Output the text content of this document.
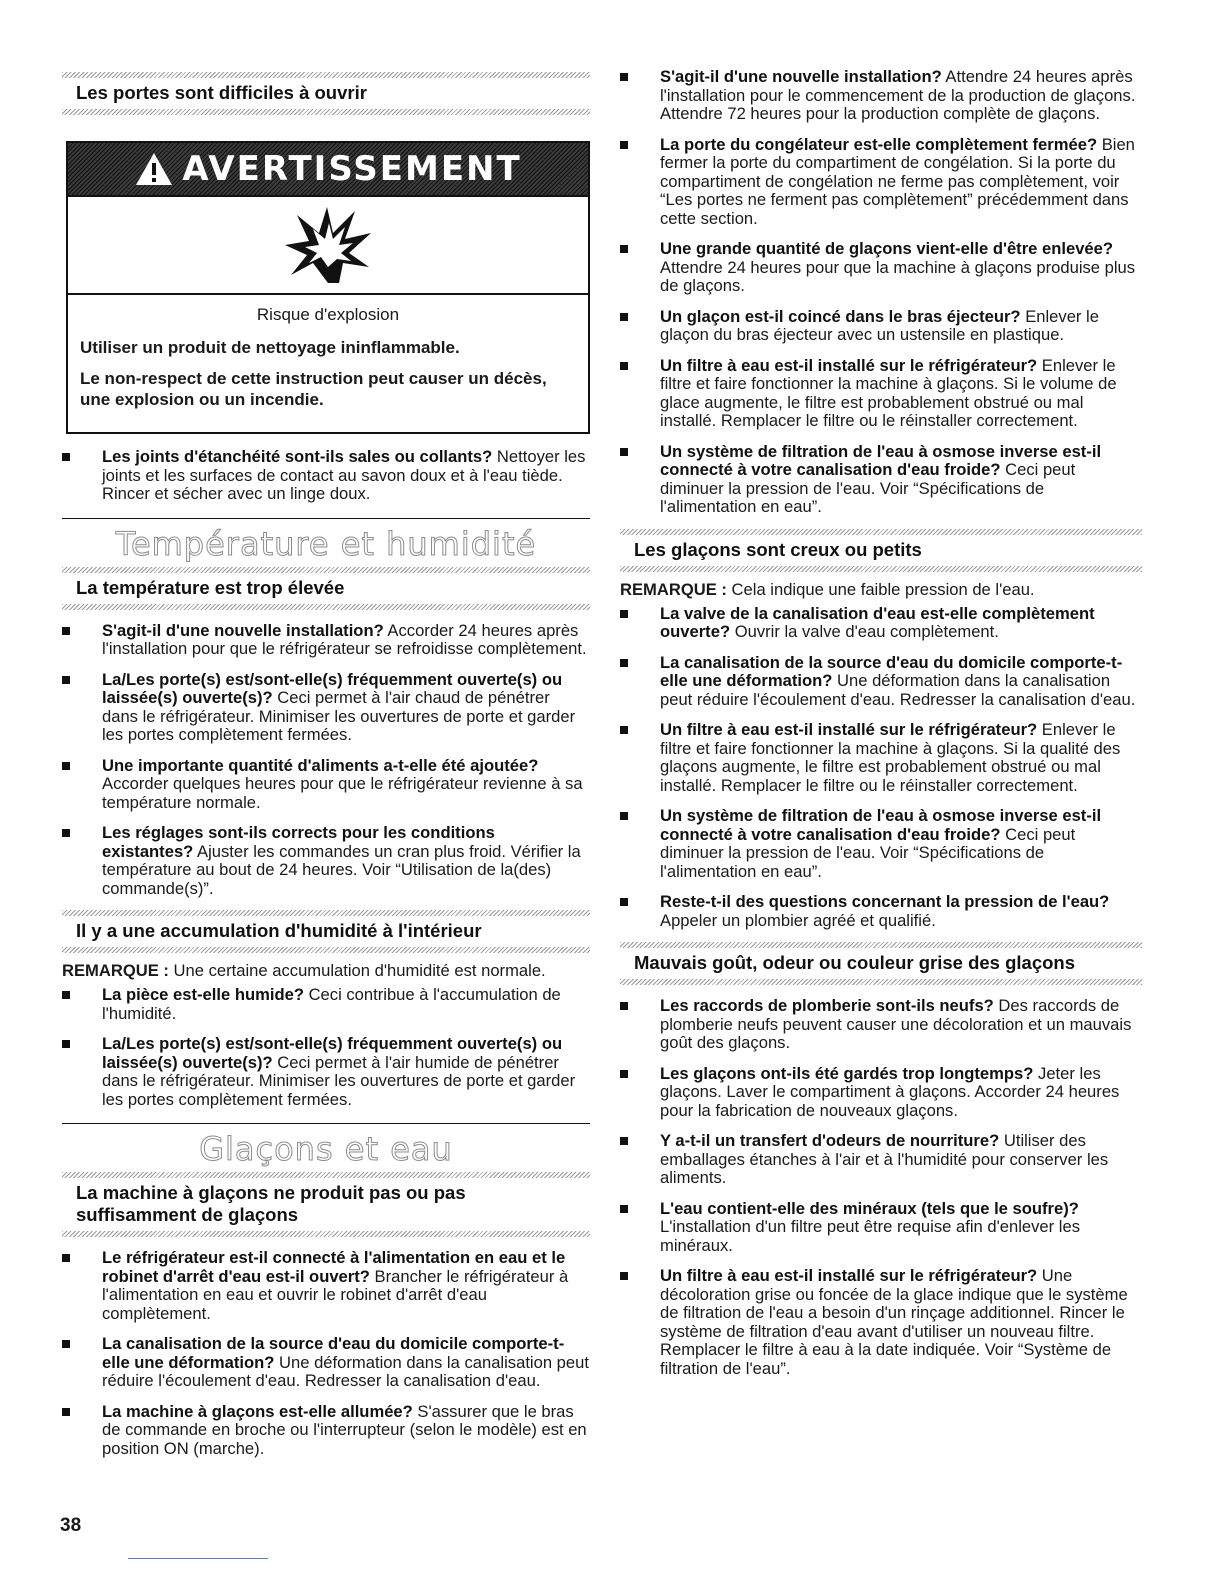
Les portes sont difficiles à ouvrir
AVERTISSEMENT
Risque d'explosion

Utiliser un produit de nettoyage ininflammable.

Le non-respect de cette instruction peut causer un décès, une explosion ou un incendie.

Les joints d'étanchéité sont-ils sales ou collants? Nettoyer les joints et les surfaces de contact au savon doux et à l'eau tiède. Rincer et sécher avec un linge doux.
Température et humidité
La température est trop élevée
S'agit-il d'une nouvelle installation? Accorder 24 heures après l'installation pour que le réfrigérateur se refroidisse complètement.
La/Les porte(s) est/sont-elle(s) fréquemment ouverte(s) ou laissée(s) ouverte(s)? Ceci permet à l'air chaud de pénétrer dans le réfrigérateur. Minimiser les ouvertures de porte et garder les portes complètement fermées.
Une importante quantité d'aliments a-t-elle été ajoutée? Accorder quelques heures pour que le réfrigérateur revienne à sa température normale.
Les réglages sont-ils corrects pour les conditions existantes? Ajuster les commandes un cran plus froid. Vérifier la température au bout de 24 heures. Voir “Utilisation de la(des) commande(s)”.
Il y a une accumulation d'humidité à l'intérieur
REMARQUE : Une certaine accumulation d'humidité est normale.
La pièce est-elle humide? Ceci contribue à l'accumulation de l'humidité.
La/Les porte(s) est/sont-elle(s) fréquemment ouverte(s) ou laissée(s) ouverte(s)? Ceci permet à l'air humide de pénétrer dans le réfrigérateur. Minimiser les ouvertures de porte et garder les portes complètement fermées.
Glaçons et eau
La machine à glaçons ne produit pas ou pas suffisamment de glaçons
Le réfrigérateur est-il connecté à l'alimentation en eau et le robinet d'arrêt d'eau est-il ouvert? Brancher le réfrigérateur à l'alimentation en eau et ouvrir le robinet d'arrêt d'eau complètement.
La canalisation de la source d'eau du domicile comporte-t-elle une déformation? Une déformation dans la canalisation peut réduire l'écoulement d'eau. Redresser la canalisation d'eau.
La machine à glaçons est-elle allumée? S'assurer que le bras de commande en broche ou l'interrupteur (selon le modèle) est en position ON (marche).
S'agit-il d'une nouvelle installation? Attendre 24 heures après l'installation pour le commencement de la production de glaçons. Attendre 72 heures pour la production complète de glaçons.
La porte du congélateur est-elle complètement fermée? Bien fermer la porte du compartiment de congélation. Si la porte du compartiment de congélation ne ferme pas complètement, voir “Les portes ne ferment pas complètement” précédemment dans cette section.
Une grande quantité de glaçons vient-elle d'être enlevée? Attendre 24 heures pour que la machine à glaçons produise plus de glaçons.
Un glaçon est-il coincé dans le bras éjecteur? Enlever le glaçon du bras éjecteur avec un ustensile en plastique.
Un filtre à eau est-il installé sur le réfrigérateur? Enlever le filtre et faire fonctionner la machine à glaçons. Si le volume de glace augmente, le filtre est probablement obstrué ou mal installé. Remplacer le filtre ou le réinstaller correctement.
Un système de filtration de l'eau à osmose inverse est-il connecté à votre canalisation d'eau froide? Ceci peut diminuer la pression de l'eau. Voir “Spécifications de l'alimentation en eau”.
Les glaçons sont creux ou petits
REMARQUE : Cela indique une faible pression de l'eau.
La valve de la canalisation d'eau est-elle complètement ouverte? Ouvrir la valve d'eau complètement.
La canalisation de la source d'eau du domicile comporte-t-elle une déformation? Une déformation dans la canalisation peut réduire l'écoulement d'eau. Redresser la canalisation d'eau.
Un filtre à eau est-il installé sur le réfrigérateur? Enlever le filtre et faire fonctionner la machine à glaçons. Si la qualité des glaçons augmente, le filtre est probablement obstrué ou mal installé. Remplacer le filtre ou le réinstaller correctement.
Un système de filtration de l'eau à osmose inverse est-il connecté à votre canalisation d'eau froide? Ceci peut diminuer la pression de l'eau. Voir “Spécifications de l'alimentation en eau”.
Reste-t-il des questions concernant la pression de l'eau? Appeler un plombier agréé et qualifié.
Mauvais goût, odeur ou couleur grise des glaçons
Les raccords de plomberie sont-ils neufs? Des raccords de plomberie neufs peuvent causer une décoloration et un mauvais goût des glaçons.
Les glaçons ont-ils été gardés trop longtemps? Jeter les glaçons. Laver le compartiment à glaçons. Accorder 24 heures pour la fabrication de nouveaux glaçons.
Y a-t-il un transfert d'odeurs de nourriture? Utiliser des emballages étanches à l'air et à l'humidité pour conserver les aliments.
L'eau contient-elle des minéraux (tels que le soufre)? L'installation d'un filtre peut être requise afin d'enlever les minéraux.
Un filtre à eau est-il installé sur le réfrigérateur? Une décoloration grise ou foncée de la glace indique que le système de filtration de l'eau a besoin d'un rinçage additionnel. Rincer le système de filtration d'eau avant d'utiliser un nouveau filtre. Remplacer le filtre à eau à la date indiquée. Voir “Système de filtration de l'eau”.
38
